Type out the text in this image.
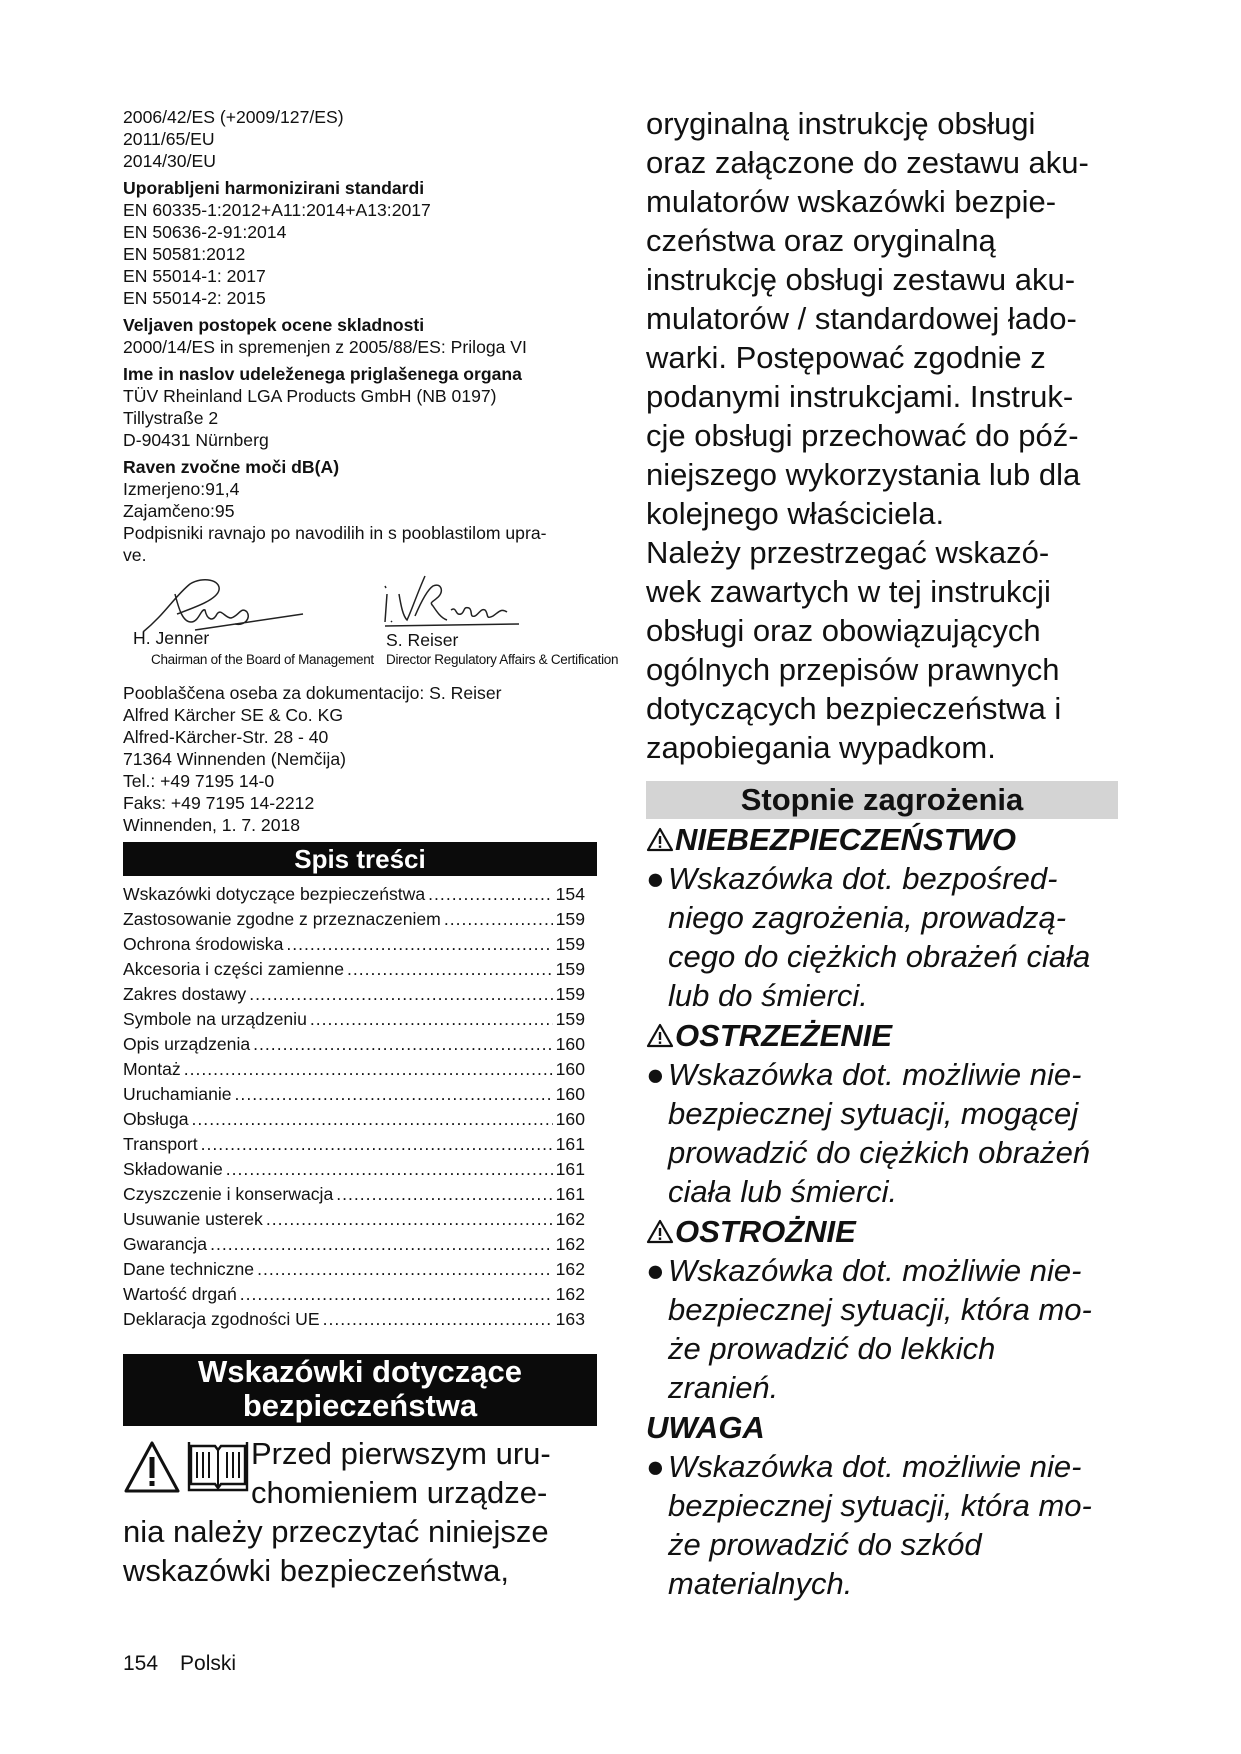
2006/42/ES (+2009/127/ES)
2011/65/EU
2014/30/EU
Uporabljeni harmonizirani standardi
EN 60335-1:2012+A11:2014+A13:2017
EN 50636-2-91:2014
EN 50581:2012
EN 55014-1: 2017
EN 55014-2: 2015
Veljaven postopek ocene skladnosti
2000/14/ES in spremenjen z 2005/88/ES: Priloga VI
Ime in naslov udeleženega priglašenega organa
TÜV Rheinland LGA Products GmbH (NB 0197)
Tillystraße 2
D-90431 Nürnberg
Raven zvočne moči dB(A)
Izmerjeno:91,4
Zajamčeno:95
Podpisniki ravnajo po navodilih in s pooblastilom upra-
ve.
H. Jenner
Chairman of the Board of Management
S. Reiser
Director Regulatory Affairs & Certification
Pooblaščena oseba za dokumentacijo: S. Reiser
Alfred Kärcher SE & Co. KG
Alfred-Kärcher-Str. 28 - 40
71364 Winnenden (Nemčija)
Tel.: +49 7195 14-0
Faks: +49 7195 14-2212
Winnenden, 1. 7. 2018
Spis treści
Wskazówki dotyczące bezpieczeństwa .....	154
Zastosowanie zgodne z przeznaczeniem .....	159
Ochrona środowiska .....	159
Akcesoria i części zamienne .....	159
Zakres dostawy .....	159
Symbole na urządzeniu .....	159
Opis urządzenia .....	160
Montaż .....	160
Uruchamianie .....	160
Obsługa .....	160
Transport .....	161
Składowanie .....	161
Czyszczenie i konserwacja .....	161
Usuwanie usterek .....	162
Gwarancja .....	162
Dane techniczne .....	162
Wartość drgań .....	162
Deklaracja zgodności UE .....	163
Wskazówki dotyczące
bezpieczeństwa
Przed pierwszym uru-
chomieniem urządze-
nia należy przeczytać niniejsze
wskazówki bezpieczeństwa,
oryginalną instrukcję obsługi
oraz załączone do zestawu aku-
mulatorów wskazówki bezpie-
czeństwa oraz oryginalną
instrukcję obsługi zestawu aku-
mulatorów / standardowej łado-
warki. Postępować zgodnie z
podanymi instrukcjami. Instruk-
cje obsługi przechować do póź-
niejszego wykorzystania lub dla
kolejnego właściciela.
Należy przestrzegać wskazó-
wek zawartych w tej instrukcji
obsługi oraz obowiązujących
ogólnych przepisów prawnych
dotyczących bezpieczeństwa i
zapobiegania wypadkom.
Stopnie zagrożenia
NIEBEZPIECZEŃSTWO
● Wskazówka dot. bezpośred-
niego zagrożenia, prowadzą-
cego do ciężkich obrażeń ciała
lub do śmierci.
OSTRZEŻENIE
● Wskazówka dot. możliwie nie-
bezpiecznej sytuacji, mogącej
prowadzić do ciężkich obrażeń
ciała lub śmierci.
OSTROŻNIE
● Wskazówka dot. możliwie nie-
bezpiecznej sytuacji, która mo-
że prowadzić do lekkich
zranień.
UWAGA
● Wskazówka dot. możliwie nie-
bezpiecznej sytuacji, która mo-
że prowadzić do szkód
materialnych.
154 Polski
